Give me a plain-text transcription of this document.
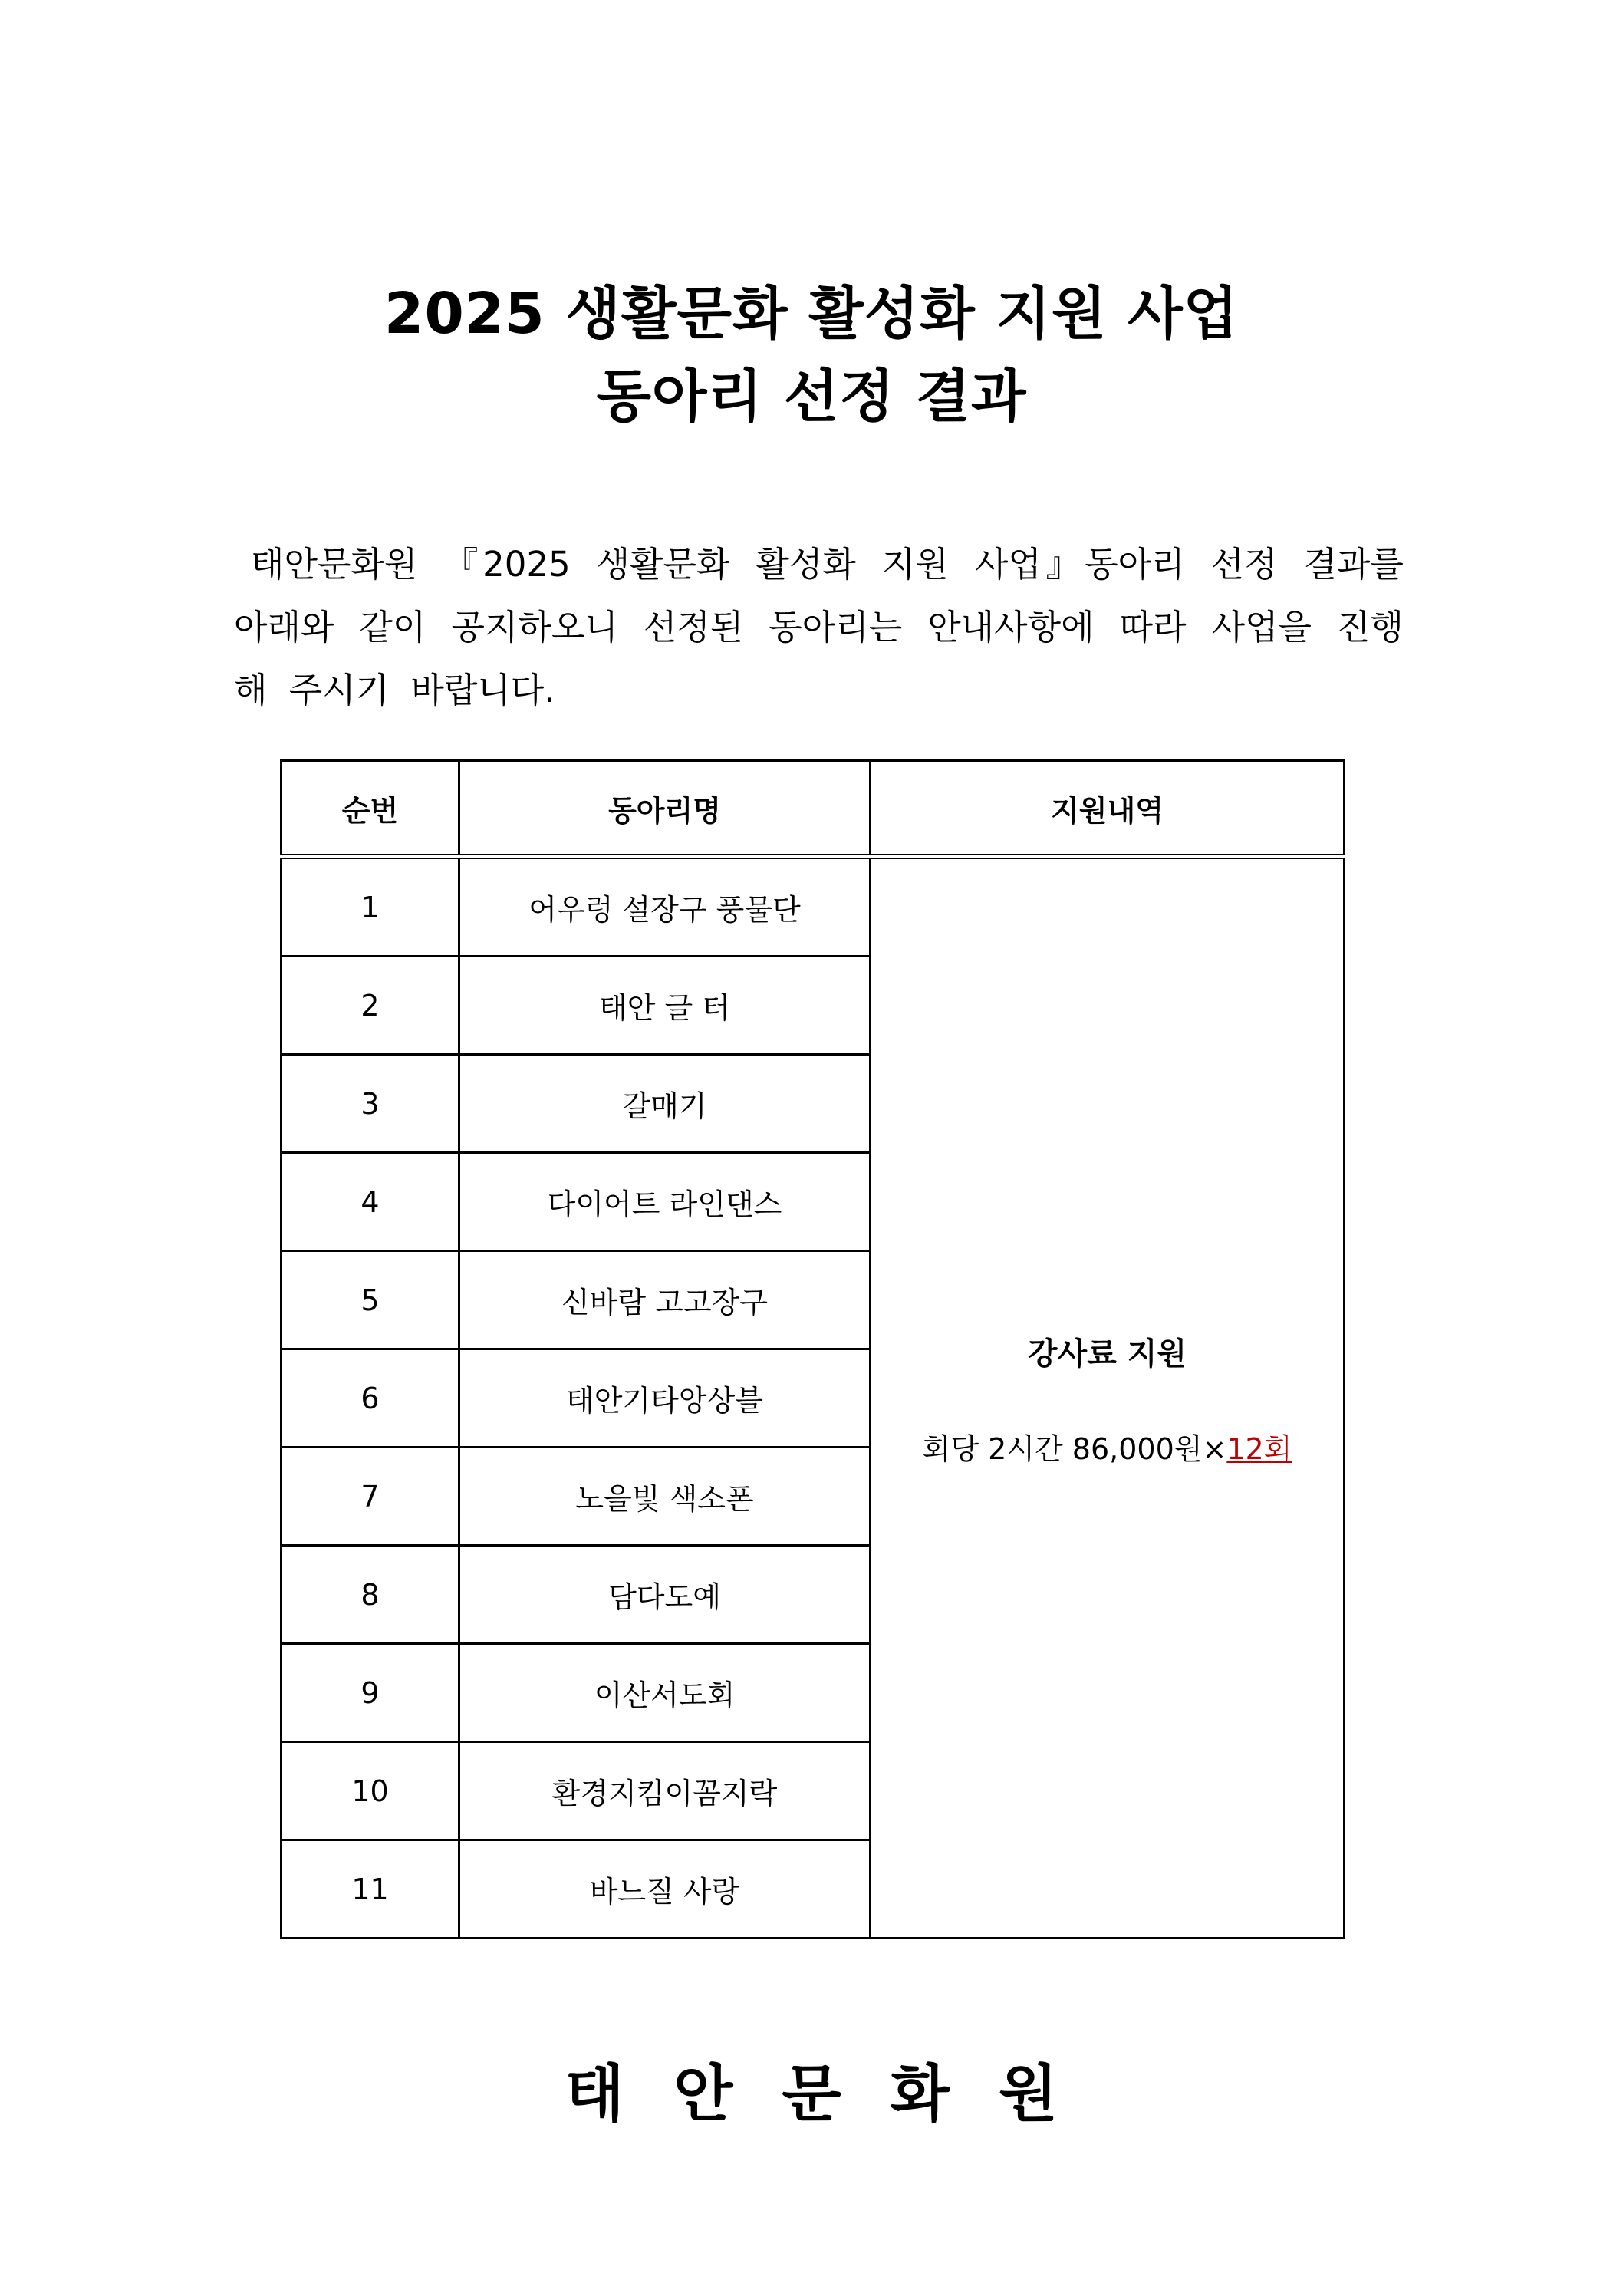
2025 생활문화 활성화 지원 사업
동아리 선정 결과

태안문화원 『2025 생활문화 활성화 지원 사업』동아리 선정 결과를 아래와 같이 공지하오니 선정된 동아리는 안내사항에 따라 사업을 진행해 주시기 바랍니다.

순번	동아리명	지원내역
1	어우렁 설장구 풍물단	강사료 지원
회당 2시간 86,000원×12회

2	태안 글 터	
3	갈매기	
4	다이어트 라인댄스	
5	신바람 고고장구	
6	태안기타앙상블	
7	노을빛 색소폰	
8	담다도예	
9	이산서도회	
10	환경지킴이꼼지락	
11	바느질 사랑	
태안문화원
